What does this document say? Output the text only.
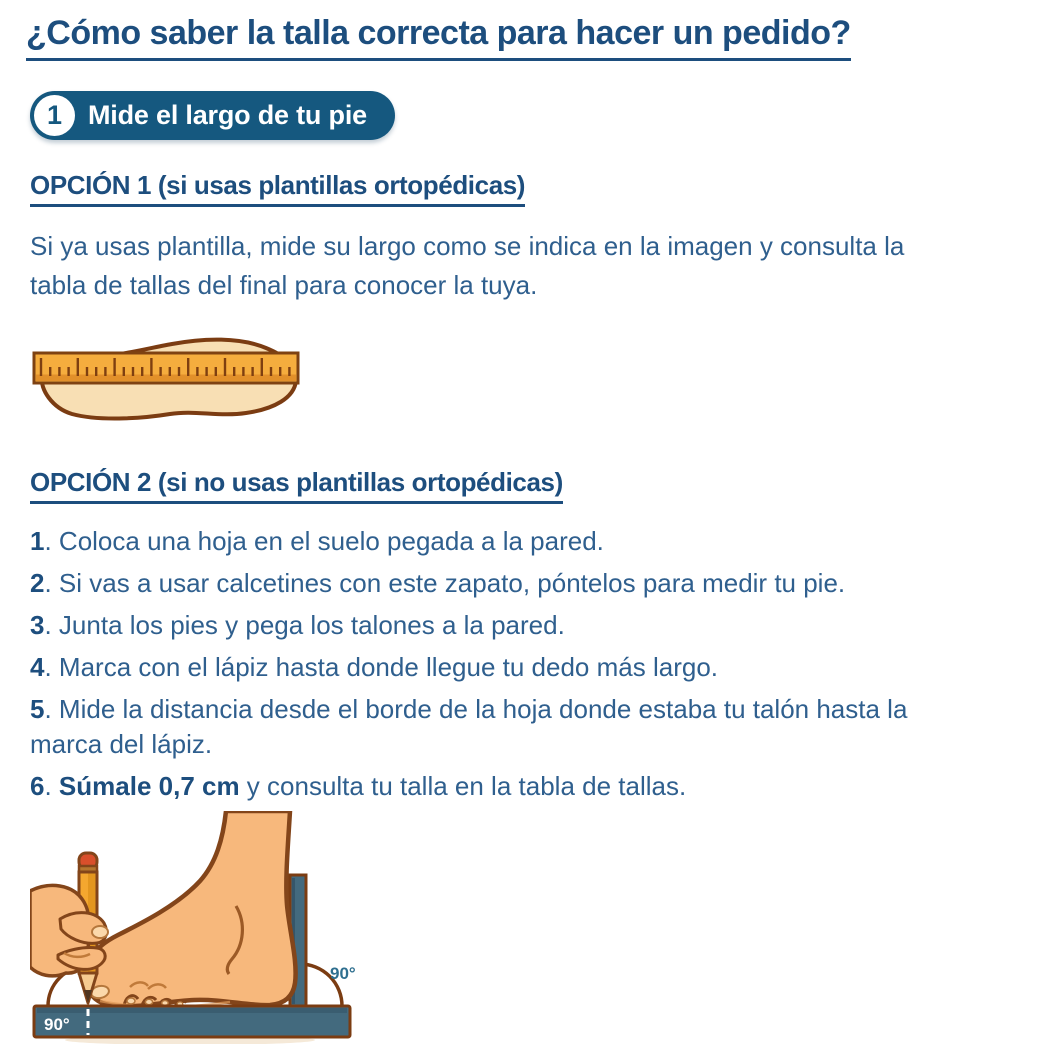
¿Cómo saber la talla correcta para hacer un pedido?
1 Mide el largo de tu pie
OPCIÓN 1 (si usas plantillas ortopédicas)

Si ya usas plantilla, mide su largo como se indica en la imagen y consulta la tabla de tallas del final para conocer la tuya.

OPCIÓN 2 (si no usas plantillas ortopédicas)
1. Coloca una hoja en el suelo pegada a la pared.
2. Si vas a usar calcetines con este zapato, póntelos para medir tu pie.
3. Junta los pies y pega los talones a la pared.
4. Marca con el lápiz hasta donde llegue tu dedo más largo.
5. Mide la distancia desde el borde de la hoja donde estaba tu talón hasta la marca del lápiz.
6. Súmale 0,7 cm y consulta tu talla en la tabla de tallas.
90°
90°
